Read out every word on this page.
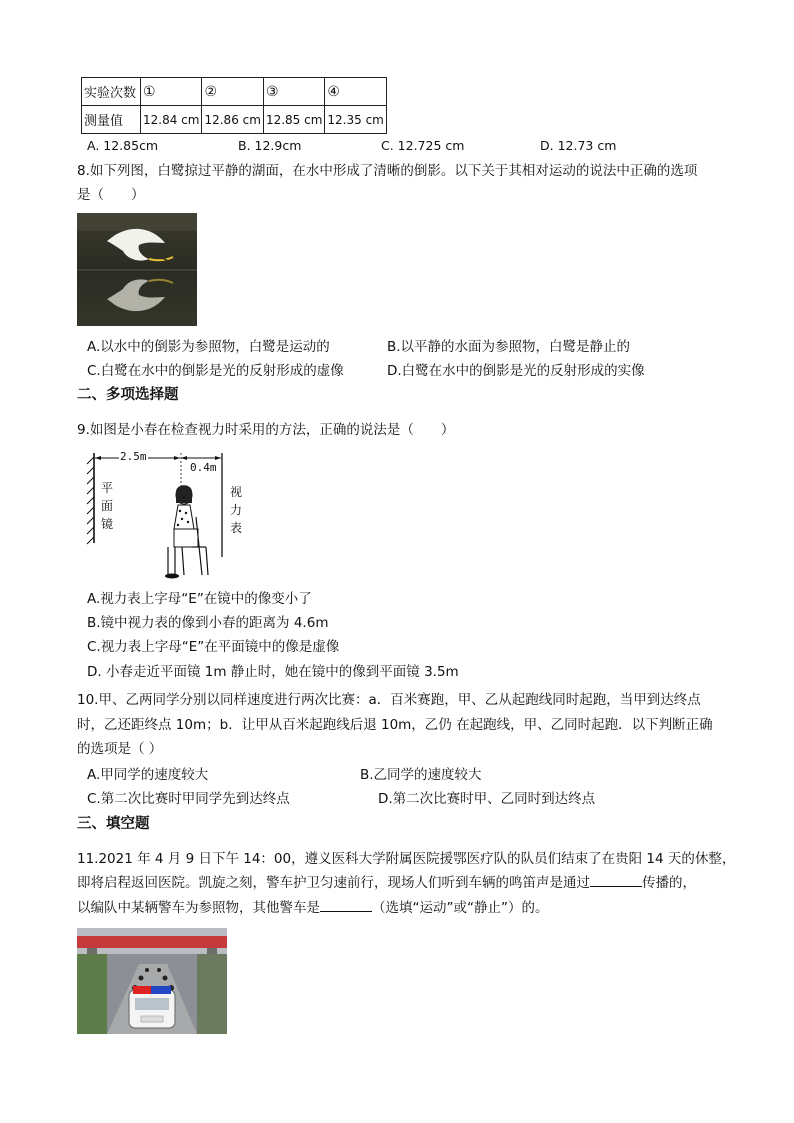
实验次数	①	②	③	④
测量值	12.84 cm	12.86 cm	12.85 cm	12.35 cm
A. 12.85cm	B. 12.9cm	C. 12.725 cm	D. 12.73 cm
8.如下列图，白鹭掠过平静的湖面，在水中形成了清晰的倒影。以下关于其相对运动的说法中正确的选项
是（　　）
A.以水中的倒影为参照物，白鹭是运动的	B.以平静的水面为参照物，白鹭是静止的
C.白鹭在水中的倒影是光的反射形成的虚像	D.白鹭在水中的倒影是光的反射形成的实像
二、多项选择题
9.如图是小春在检查视力时采用的方法，正确的说法是（　　）
2.5m
0.4m
平
面
镜
视
力
表
A.视力表上字母“E”在镜中的像变小了
B.镜中视力表的像到小春的距离为 4.6m
C.视力表上字母“E”在平面镜中的像是虚像
D. 小春走近平面镜 1m 静止时，她在镜中的像到平面镜 3.5m
10.甲、乙两同学分别以同样速度进行两次比赛：a．百米赛跑，甲、乙从起跑线同时起跑，当甲到达终点
时，乙还距终点 10m；b．让甲从百米起跑线后退 10m，乙仍 在起跑线，甲、乙同时起跑．以下判断正确
的选项是（ ）
A.甲同学的速度较大	B.乙同学的速度较大
C.第二次比赛时甲同学先到达终点	D.第二次比赛时甲、乙同时到达终点
三、填空题
11.2021 年 4 月 9 日下午 14：00，遵义医科大学附属医院援鄂医疗队的队员们结束了在贵阳 14 天的休整，
即将启程返回医院。凯旋之刻，警车护卫匀速前行，现场人们听到车辆的鸣笛声是通过	传播的，
以编队中某辆警车为参照物，其他警车是	（选填“运动”或“静止”）的。
